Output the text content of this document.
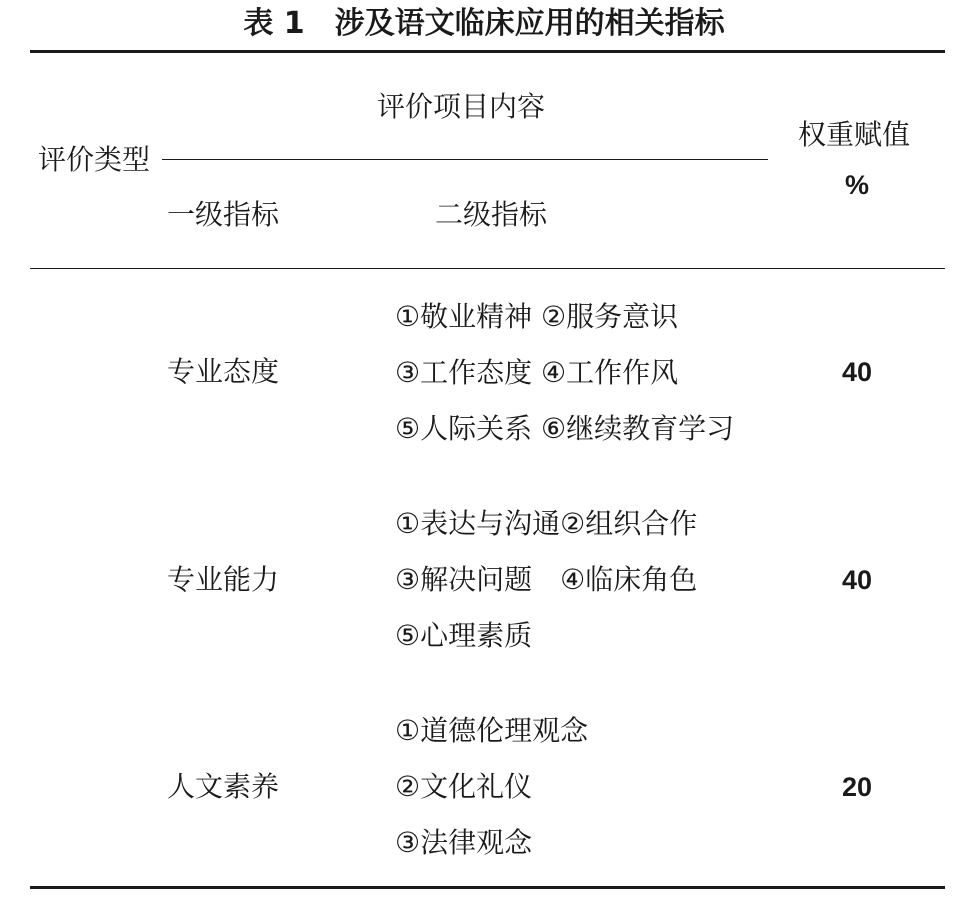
表 1　涉及语文临床应用的相关指标
评价项目内容
评价类型
权重赋值
%
一级指标	二级指标
专业态度
①敬业精神 ②服务意识
③工作态度 ④工作作风
⑤人际关系 ⑥继续教育学习
40
专业能力
①表达与沟通②组织合作
③解决问题　④临床角色
⑤心理素质
40
人文素养
①道德伦理观念
②文化礼仪
③法律观念
20
